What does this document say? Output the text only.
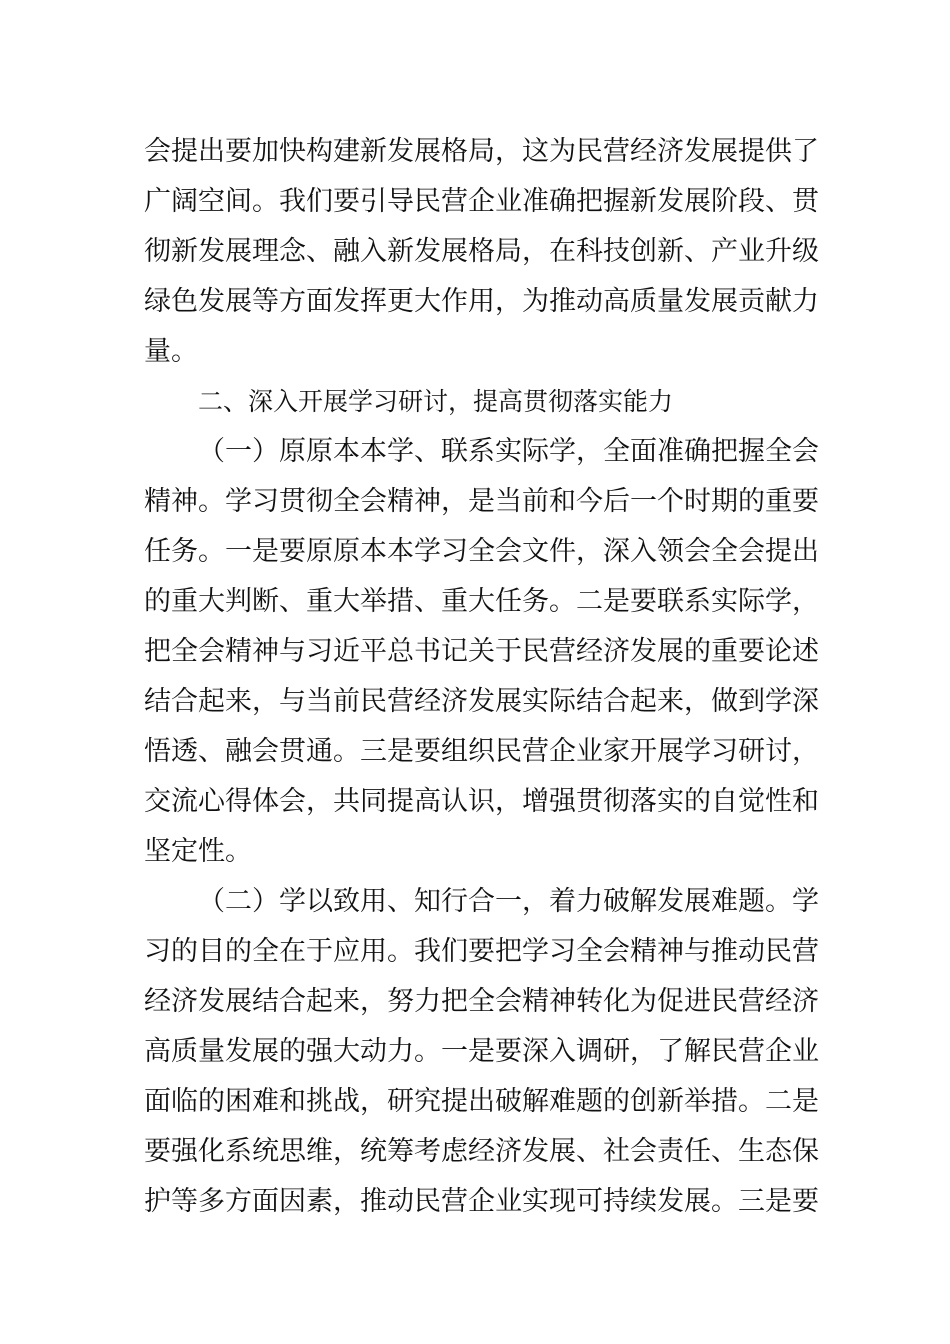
会提出要加快构建新发展格局，这为民营经济发展提供了
广阔空间。我们要引导民营企业准确把握新发展阶段、贯
彻新发展理念、融入新发展格局，在科技创新、产业升级
绿色发展等方面发挥更大作用，为推动高质量发展贡献力
量。
二、深入开展学习研讨，提高贯彻落实能力
（一）原原本本学、联系实际学，全面准确把握全会
精神。学习贯彻全会精神，是当前和今后一个时期的重要
任务。一是要原原本本学习全会文件，深入领会全会提出
的重大判断、重大举措、重大任务。二是要联系实际学，
把全会精神与习近平总书记关于民营经济发展的重要论述
结合起来，与当前民营经济发展实际结合起来，做到学深
悟透、融会贯通。三是要组织民营企业家开展学习研讨，
交流心得体会，共同提高认识，增强贯彻落实的自觉性和
坚定性。
（二）学以致用、知行合一，着力破解发展难题。学
习的目的全在于应用。我们要把学习全会精神与推动民营
经济发展结合起来，努力把全会精神转化为促进民营经济
高质量发展的强大动力。一是要深入调研，了解民营企业
面临的困难和挑战，研究提出破解难题的创新举措。二是
要强化系统思维，统筹考虑经济发展、社会责任、生态保
护等多方面因素，推动民营企业实现可持续发展。三是要
